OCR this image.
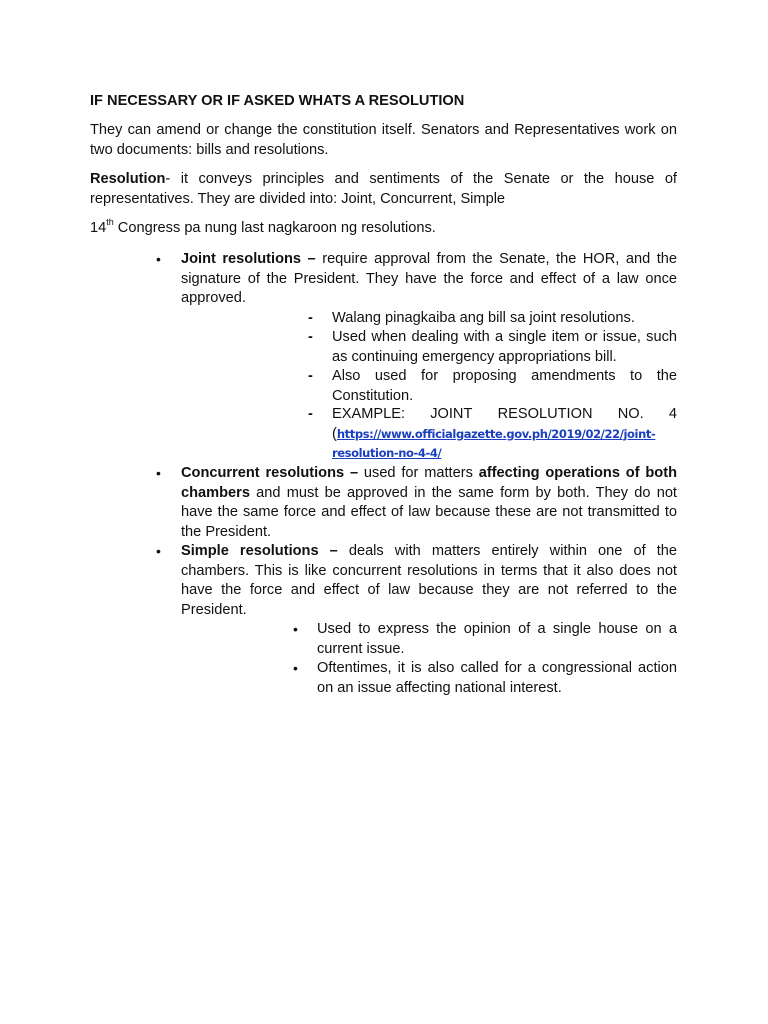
IF NECESSARY OR IF ASKED WHATS A RESOLUTION
They can amend or change the constitution itself. Senators and Representatives work on two documents: bills and resolutions.
Resolution- it conveys principles and sentiments of the Senate or the house of representatives. They are divided into: Joint, Concurrent, Simple
14th Congress pa nung last nagkaroon ng resolutions.
• Joint resolutions – require approval from the Senate, the HOR, and the signature of the President. They have the force and effect of a law once approved.
- Walang pinagkaiba ang bill sa joint resolutions.
- Used when dealing with a single item or issue, such as continuing emergency appropriations bill.
- Also used for proposing amendments to the Constitution.
- EXAMPLE: JOINT RESOLUTION NO. 4
(https://www.officialgazette.gov.ph/2019/02/22/joint-resolution-no-4-4/
• Concurrent resolutions – used for matters affecting operations of both chambers and must be approved in the same form by both. They do not have the same force and effect of law because these are not transmitted to the President.
• Simple resolutions – deals with matters entirely within one of the chambers. This is like concurrent resolutions in terms that it also does not have the force and effect of law because they are not referred to the President.
• Used to express the opinion of a single house on a current issue.
• Oftentimes, it is also called for a congressional action on an issue affecting national interest.
